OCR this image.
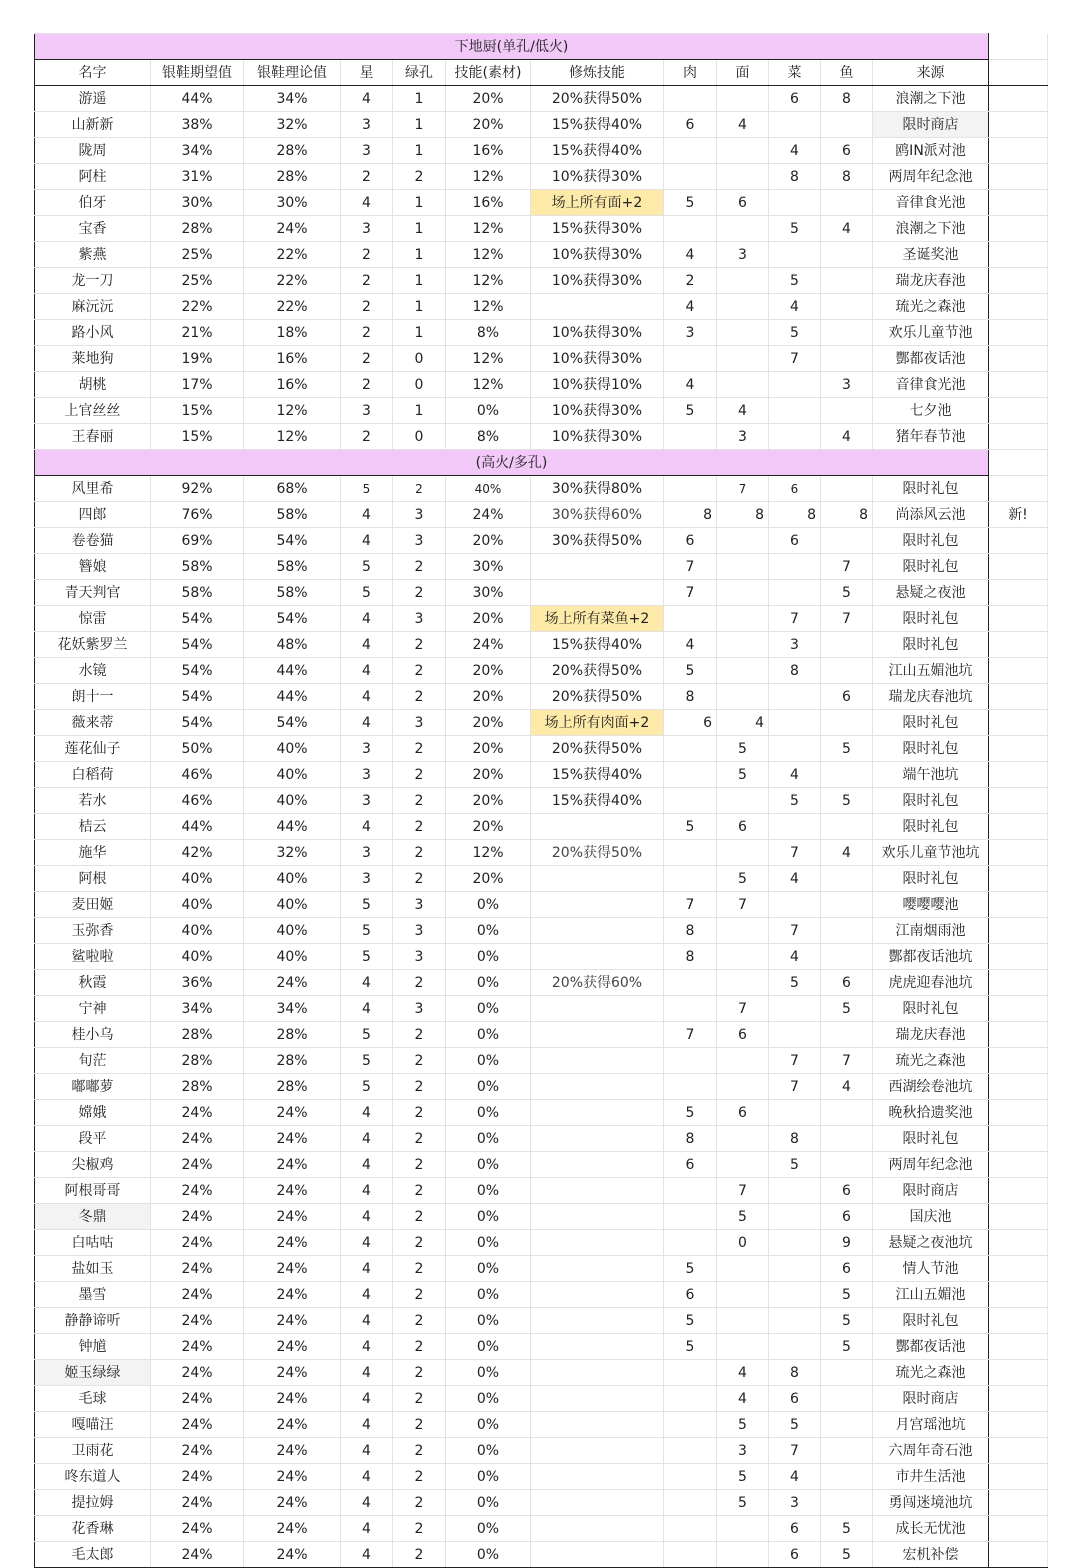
下地厨(单孔/低火)												
名字	银鞋期望值	银鞋理论值	星	绿孔	技能(素材)	修炼技能	肉	面	菜	鱼	来源	
游遥	44%	34%	4	1	20%	20%获得50%			6	8	浪潮之下池	
山新新	38%	32%	3	1	20%	15%获得40%	6	4			限时商店	
陇周	34%	28%	3	1	16%	15%获得40%			4	6	鸥IN派对池	
阿柱	31%	28%	2	2	12%	10%获得30%			8	8	两周年纪念池	
伯牙	30%	30%	4	1	16%	场上所有面+2	5	6			音律食光池	
宝香	28%	24%	3	1	12%	15%获得30%			5	4	浪潮之下池	
紫燕	25%	22%	2	1	12%	10%获得30%	4	3			圣诞奖池	
龙一刀	25%	22%	2	1	12%	10%获得30%	2		5		瑞龙庆春池	
麻沅沅	22%	22%	2	1	12%		4		4		琉光之森池	
路小风	21%	18%	2	1	8%	10%获得30%	3		5		欢乐儿童节池	
莱地狗	19%	16%	2	0	12%	10%获得30%			7		酆都夜话池	
胡桃	17%	16%	2	0	12%	10%获得10%	4			3	音律食光池	
上官丝丝	15%	12%	3	1	0%	10%获得30%	5	4			七夕池	
王春丽	15%	12%	2	0	8%	10%获得30%		3		4	猪年春节池	
(高火/多孔)												
风里希	92%	68%	5	2	40%	30%获得80%		7	6		限时礼包	
四郎	76%	58%	4	3	24%	30%获得60%	8	8	8	8	尚添风云池	新!
卷卷猫	69%	54%	4	3	20%	30%获得50%	6		6		限时礼包	
簪娘	58%	58%	5	2	30%		7			7	限时礼包	
青天判官	58%	58%	5	2	30%		7			5	悬疑之夜池	
惊雷	54%	54%	4	3	20%	场上所有菜鱼+2			7	7	限时礼包	
花妖紫罗兰	54%	48%	4	2	24%	15%获得40%	4		3		限时礼包	
水镜	54%	44%	4	2	20%	20%获得50%	5		8		江山五媚池坑	
朗十一	54%	44%	4	2	20%	20%获得50%	8			6	瑞龙庆春池坑	
薇来蒂	54%	54%	4	3	20%	场上所有肉面+2	6	4			限时礼包	
莲花仙子	50%	40%	3	2	20%	20%获得50%		5		5	限时礼包	
白稻荷	46%	40%	3	2	20%	15%获得40%		5	4		端午池坑	
若水	46%	40%	3	2	20%	15%获得40%			5	5	限时礼包	
桔云	44%	44%	4	2	20%		5	6			限时礼包	
施华	42%	32%	3	2	12%	20%获得50%			7	4	欢乐儿童节池坑	
阿根	40%	40%	3	2	20%			5	4		限时礼包	
麦田姬	40%	40%	5	3	0%		7	7			嘤嘤嘤池	
玉弥香	40%	40%	5	3	0%		8		7		江南烟雨池	
鲨啦啦	40%	40%	5	3	0%		8		4		酆都夜话池坑	
秋霞	36%	24%	4	2	0%	20%获得60%			5	6	虎虎迎春池坑	
宁神	34%	34%	4	3	0%			7		5	限时礼包	
桂小乌	28%	28%	5	2	0%		7	6			瑞龙庆春池	
旬茫	28%	28%	5	2	0%				7	7	琉光之森池	
嘟嘟萝	28%	28%	5	2	0%				7	4	西湖绘卷池坑	
嫦娥	24%	24%	4	2	0%		5	6			晚秋拾遗奖池	
段平	24%	24%	4	2	0%		8		8		限时礼包	
尖椒鸡	24%	24%	4	2	0%		6		5		两周年纪念池	
阿根哥哥	24%	24%	4	2	0%			7		6	限时商店	
冬鼎	24%	24%	4	2	0%			5		6	国庆池	
白咕咕	24%	24%	4	2	0%			0		9	悬疑之夜池坑	
盐如玉	24%	24%	4	2	0%		5			6	情人节池	
墨雪	24%	24%	4	2	0%		6			5	江山五媚池	
静静谛听	24%	24%	4	2	0%		5			5	限时礼包	
钟馗	24%	24%	4	2	0%		5			5	酆都夜话池	
姬玉绿绿	24%	24%	4	2	0%			4	8		琉光之森池	
毛球	24%	24%	4	2	0%			4	6		限时商店	
嘎喵汪	24%	24%	4	2	0%			5	5		月宫瑶池坑	
卫雨花	24%	24%	4	2	0%			3	7		六周年奇石池	
咚东道人	24%	24%	4	2	0%			5	4		市井生活池	
提拉姆	24%	24%	4	2	0%			5	3		勇闯迷境池坑	
花香琳	24%	24%	4	2	0%				6	5	成长无忧池	
毛太郎	24%	24%	4	2	0%				6	5	宏机补偿	
